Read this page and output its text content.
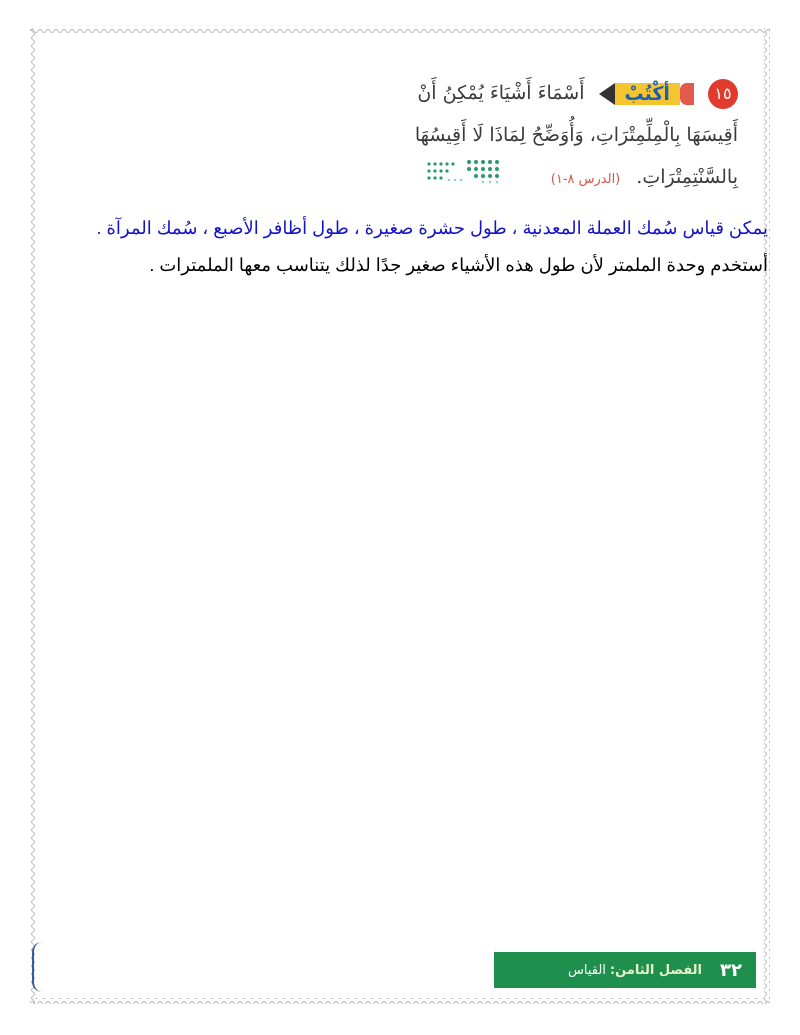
١٥
أكْتُبْ
أَسْمَاءَ أَشْيَاءَ يُمْكِنُ أَنْ
أَقِيسَهَا بِالْمِلِّمِتْرَاتِ، وَأُوَضِّحُ لِمَاذَا لَا أَقِيسُهَا
بِالسَّنْتِمِتْرَاتِ. (الدرس ٨-١)

يمكن قياس سُمك العملة المعدنية ، طول حشرة صغيرة ، طول أظافر الأصبع ، سُمك المرآة .

أستخدم وحدة الملمتر لأن طول هذه الأشياء صغير جدًا لذلك يتناسب معها الملمترات .

٣٢
الفصل الثامن:
القياس
